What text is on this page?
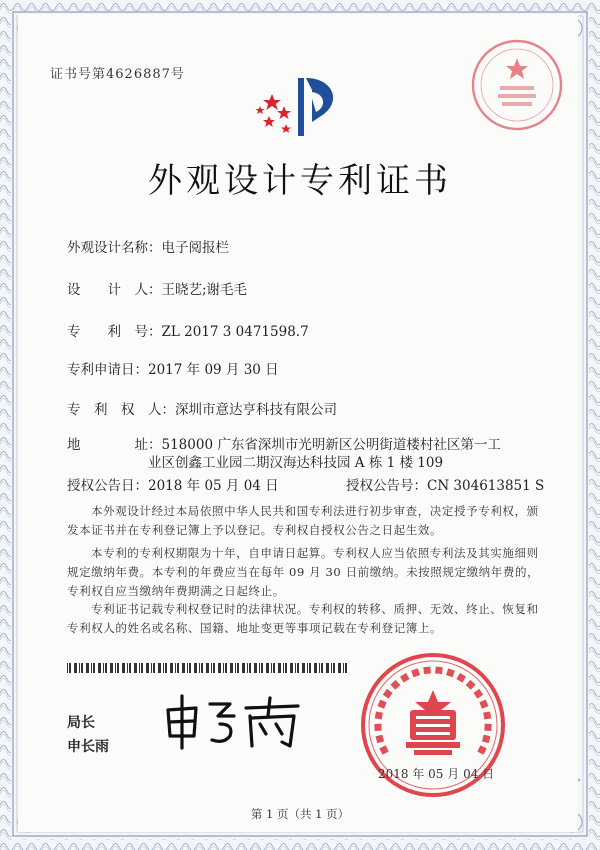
证书号第4626887号
外观设计专利证书
外观设计名称：电子阅报栏
设　　计　人：王晓艺;谢毛毛
专　　利　号：ZL 2017 3 0471598.7
专利申请日：2017 年 09 月 30 日
专　利　权　人：深圳市意达亨科技有限公司
地　　　　址：518000 广东省深圳市光明新区公明街道楼村社区第一工
业区创鑫工业园二期汉海达科技园 A 栋 1 楼 109
授权公告日：2018 年 05 月 04 日	授权公告号：CN 304613851 S
本外观设计经过本局依照中华人民共和国专利法进行初步审查，决定授予专利权，颁发本证书并在专利登记簿上予以登记。专利权自授权公告之日起生效。
本专利的专利权期限为十年，自申请日起算。专利权人应当依照专利法及其实施细则规定缴纳年费。本专利的年费应当在每年 09 月 30 日前缴纳。未按照规定缴纳年费的，专利权自应当缴纳年费期满之日起终止。
专利证书记载专利权登记时的法律状况。专利权的转移、质押、无效、终止、恢复和专利权人的姓名或名称、国籍、地址变更等事项记载在专利登记簿上。
局长
申长雨
2018 年 05 月 04 日
第 1 页（共 1 页）
